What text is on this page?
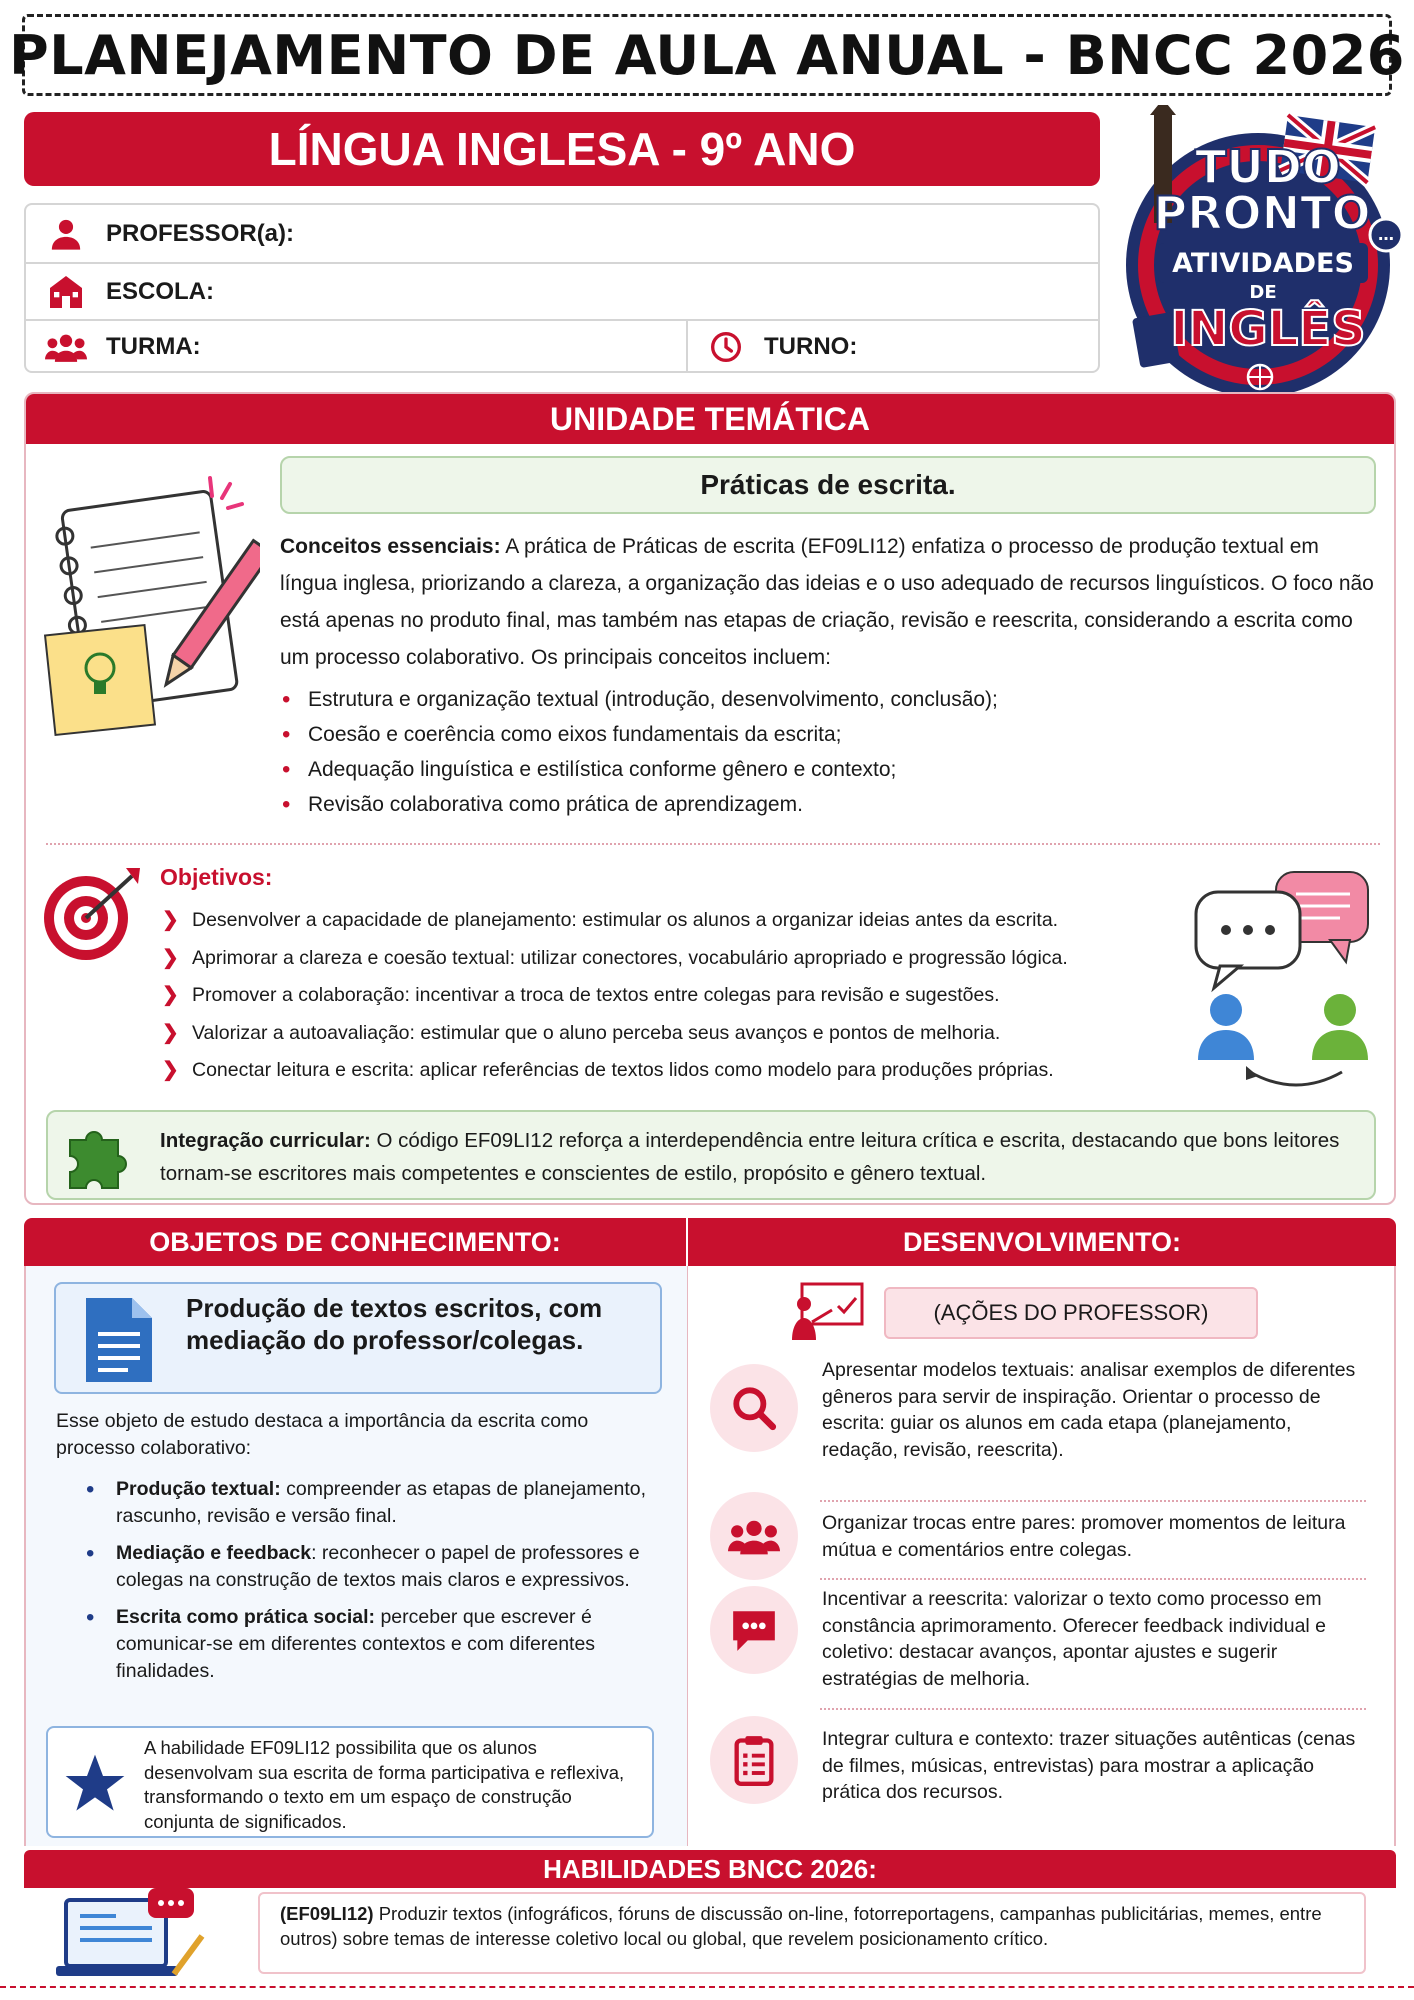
PLANEJAMENTO DE AULA ANUAL - BNCC 2026
LÍNGUA INGLESA - 9º ANO
PROFESSOR(a):
ESCOLA:
TURMA:	TURNO:
…
TUDO
PRONTO
ATIVIDADES
DE
INGLÊS
UNIDADE TEMÁTICA
Práticas de escrita.
Conceitos essenciais: A prática de Práticas de escrita (EF09LI12) enfatiza o processo de produção textual em língua inglesa, priorizando a clareza, a organização das ideias e o uso adequado de recursos linguísticos. O foco não está apenas no produto final, mas também nas etapas de criação, revisão e reescrita, considerando a escrita como um processo colaborativo. Os principais conceitos incluem:
• Estrutura e organização textual (introdução, desenvolvimento, conclusão);
• Coesão e coerência como eixos fundamentais da escrita;
• Adequação linguística e estilística conforme gênero e contexto;
• Revisão colaborativa como prática de aprendizagem.
Objetivos:
❯ Desenvolver a capacidade de planejamento: estimular os alunos a organizar ideias antes da escrita.
❯ Aprimorar a clareza e coesão textual: utilizar conectores, vocabulário apropriado e progressão lógica.
❯ Promover a colaboração: incentivar a troca de textos entre colegas para revisão e sugestões.
❯ Valorizar a autoavaliação: estimular que o aluno perceba seus avanços e pontos de melhoria.
❯ Conectar leitura e escrita: aplicar referências de textos lidos como modelo para produções próprias.
Integração curricular: O código EF09LI12 reforça a interdependência entre leitura crítica e escrita, destacando que bons leitores tornam-se escritores mais competentes e conscientes de estilo, propósito e gênero textual.
OBJETOS DE CONHECIMENTO:	DESENVOLVIMENTO:
Produção de textos escritos, com mediação do professor/colegas.
Esse objeto de estudo destaca a importância da escrita como processo colaborativo:
• Produção textual: compreender as etapas de planejamento, rascunho, revisão e versão final.
• Mediação e feedback: reconhecer o papel de professores e colegas na construção de textos mais claros e expressivos.
• Escrita como prática social: perceber que escrever é comunicar-se em diferentes contextos e com diferentes finalidades.
A habilidade EF09LI12 possibilita que os alunos desenvolvam sua escrita de forma participativa e reflexiva, transformando o texto em um espaço de construção conjunta de significados.
(AÇÕES DO PROFESSOR)
Apresentar modelos textuais: analisar exemplos de diferentes gêneros para servir de inspiração. Orientar o processo de escrita: guiar os alunos em cada etapa (planejamento, redação, revisão, reescrita).
Organizar trocas entre pares: promover momentos de leitura mútua e comentários entre colegas.
Incentivar a reescrita: valorizar o texto como processo em constância aprimoramento. Oferecer feedback individual e coletivo: destacar avanços, apontar ajustes e sugerir estratégias de melhoria.
Integrar cultura e contexto: trazer situações autênticas (cenas de filmes, músicas, entrevistas) para mostrar a aplicação prática dos recursos.
HABILIDADES BNCC 2026:
(EF09LI12) Produzir textos (infográficos, fóruns de discussão on-line, fotorreportagens, campanhas publicitárias, memes, entre outros) sobre temas de interesse coletivo local ou global, que revelem posicionamento crítico.
